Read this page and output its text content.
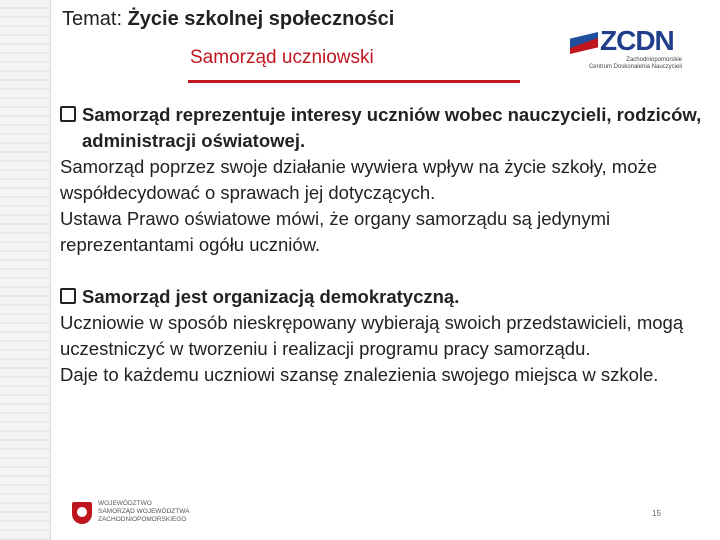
Temat: Życie szkolnej społeczności
Samorząd uczniowski
ZCDN
Zachodniopomorskie
Centrum Doskonalenia Nauczycieli

Samorząd reprezentuje interesy uczniów wobec nauczycieli, rodziców, administracji oświatowej.

Samorząd poprzez swoje działanie wywiera wpływ na życie szkoły, może współdecydować o sprawach jej dotyczących.

Ustawa Prawo oświatowe mówi, że organy samorządu są jedynymi reprezentantami ogółu uczniów.

Samorząd jest organizacją demokratyczną.

Uczniowie w sposób nieskrępowany wybierają swoich przedstawicieli, mogą uczestniczyć w tworzeniu i realizacji programu pracy samorządu.

Daje to każdemu uczniowi szansę znalezienia swojego miejsca w szkole.

WOJEWÓDZTWO
SAMORZĄD WOJEWÓDZTWA
ZACHODNIOPOMORSKIEGO
15
